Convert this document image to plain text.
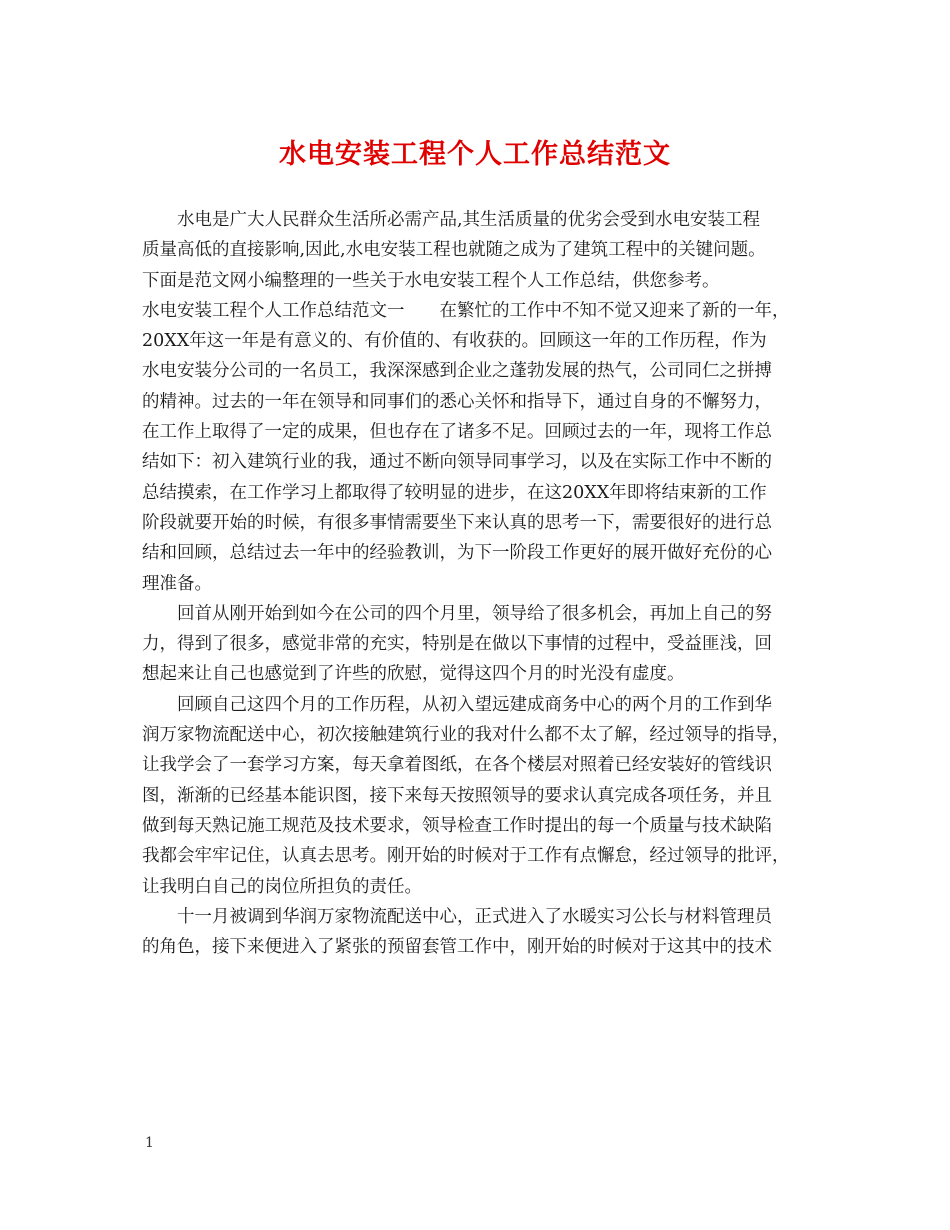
水电安装工程个人工作总结范文
水电是广大人民群众生活所必需产品,其生活质量的优劣会受到水电安装工程
质量高低的直接影响,因此,水电安装工程也就随之成为了建筑工程中的关键问题。
下面是范文网小编整理的一些关于水电安装工程个人工作总结，供您参考。
水电安装工程个人工作总结范文一　　在繁忙的工作中不知不觉又迎来了新的一年，
20XX年这一年是有意义的、有价值的、有收获的。回顾这一年的工作历程，作为
水电安装分公司的一名员工，我深深感到企业之蓬勃发展的热气，公司同仁之拼搏
的精神。过去的一年在领导和同事们的悉心关怀和指导下，通过自身的不懈努力，
在工作上取得了一定的成果，但也存在了诸多不足。回顾过去的一年，现将工作总
结如下：初入建筑行业的我，通过不断向领导同事学习，以及在实际工作中不断的
总结摸索，在工作学习上都取得了较明显的进步，在这20XX年即将结束新的工作
阶段就要开始的时候，有很多事情需要坐下来认真的思考一下，需要很好的进行总
结和回顾，总结过去一年中的经验教训，为下一阶段工作更好的展开做好充份的心
理准备。
回首从刚开始到如今在公司的四个月里，领导给了很多机会，再加上自己的努
力，得到了很多，感觉非常的充实，特别是在做以下事情的过程中，受益匪浅，回
想起来让自己也感觉到了许些的欣慰，觉得这四个月的时光没有虚度。
回顾自己这四个月的工作历程，从初入望远建成商务中心的两个月的工作到华
润万家物流配送中心，初次接触建筑行业的我对什么都不太了解，经过领导的指导，
让我学会了一套学习方案，每天拿着图纸，在各个楼层对照着已经安装好的管线识
图，渐渐的已经基本能识图，接下来每天按照领导的要求认真完成各项任务，并且
做到每天熟记施工规范及技术要求，领导检查工作时提出的每一个质量与技术缺陷
我都会牢牢记住，认真去思考。刚开始的时候对于工作有点懈怠，经过领导的批评，
让我明白自己的岗位所担负的责任。
十一月被调到华润万家物流配送中心，正式进入了水暖实习公长与材料管理员
的角色，接下来便进入了紧张的预留套管工作中，刚开始的时候对于这其中的技术
1
